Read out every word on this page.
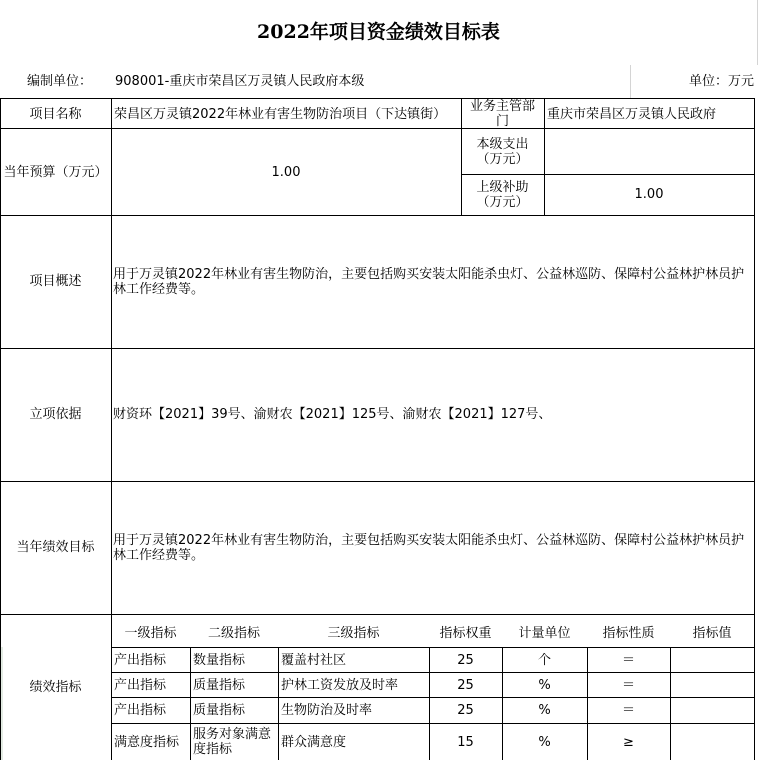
2022年项目资金绩效目标表
编制单位：	908001-重庆市荣昌区万灵镇人民政府本级	单位：万元
项目名称	荣昌区万灵镇2022年林业有害生物防治项目（下达镇街）	业务主管部门	重庆市荣昌区万灵镇人民政府
当年预算（万元）	1.00
本级支出（万元）
上级补助（万元）	1.00
项目概述	用于万灵镇2022年林业有害生物防治，主要包括购买安装太阳能杀虫灯、公益林巡防、保障村公益林护林员护林工作经费等。
立项依据	财资环【2021】39号、渝财农【2021】125号、渝财农【2021】127号、
当年绩效目标	用于万灵镇2022年林业有害生物防治，主要包括购买安装太阳能杀虫灯、公益林巡防、保障村公益林护林员护林工作经费等。
绩效指标
一级指标	二级指标	三级指标	指标权重	计量单位	指标性质	指标值
产出指标	数量指标	覆盖村社区	25	个	＝
产出指标	质量指标	护林工资发放及时率	25	%	＝
产出指标	质量指标	生物防治及时率	25	%	＝
满意度指标	服务对象满意度指标	群众满意度	15	%	≥
